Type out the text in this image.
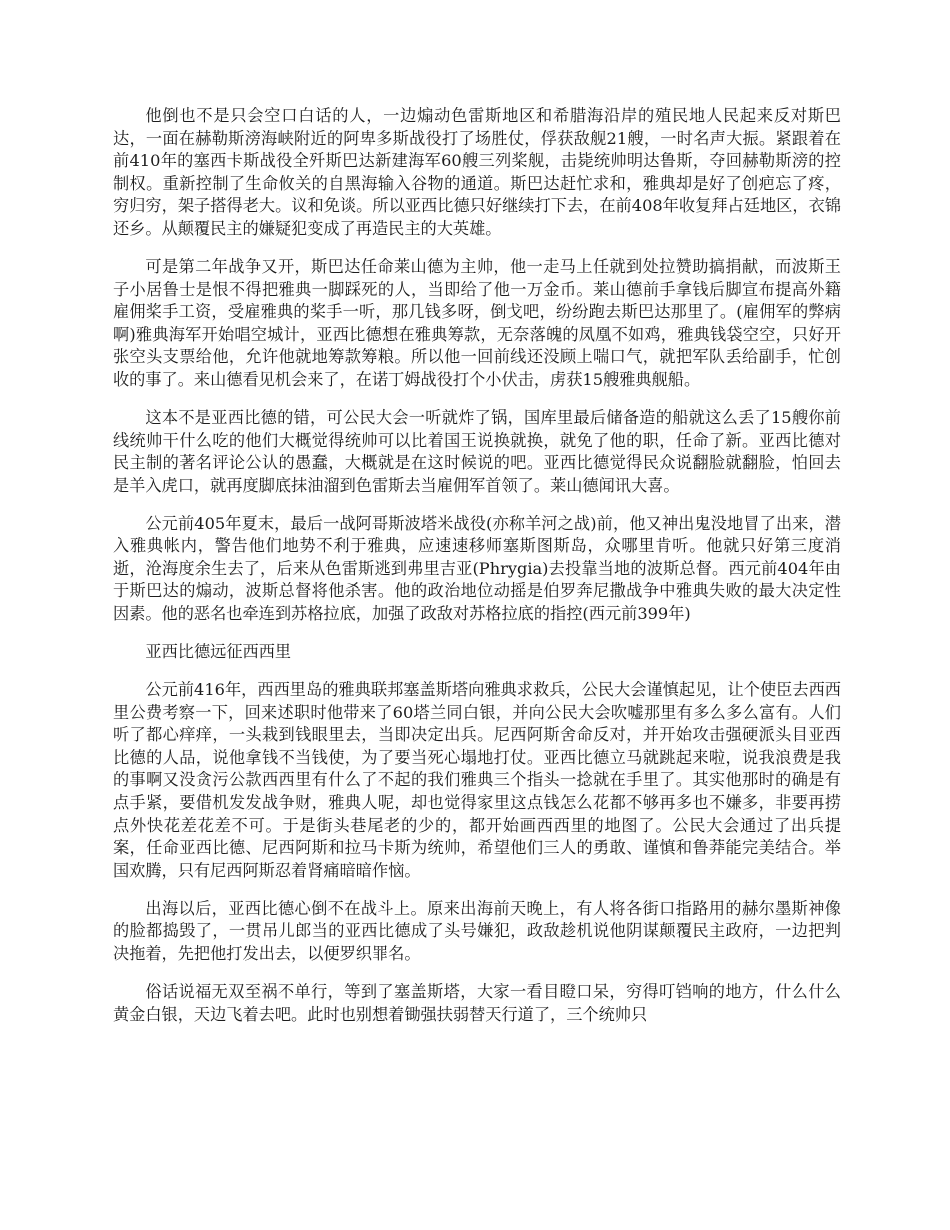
他倒也不是只会空口白话的人，一边煽动色雷斯地区和希腊海沿岸的殖民地人民起来反对斯巴达，一面在赫勒斯滂海峡附近的阿卑多斯战役打了场胜仗，俘获敌舰21艘，一时名声大振。紧跟着在前410年的塞西卡斯战役全歼斯巴达新建海军60艘三列桨舰，击毙统帅明达鲁斯，夺回赫勒斯滂的控制权。重新控制了生命攸关的自黑海输入谷物的通道。斯巴达赶忙求和，雅典却是好了创疤忘了疼，穷归穷，架子搭得老大。议和免谈。所以亚西比德只好继续打下去，在前408年收复拜占廷地区，衣锦还乡。从颠覆民主的嫌疑犯变成了再造民主的大英雄。

可是第二年战争又开，斯巴达任命莱山德为主帅，他一走马上任就到处拉赞助搞捐献，而波斯王子小居鲁士是恨不得把雅典一脚踩死的人，当即给了他一万金币。莱山德前手拿钱后脚宣布提高外籍雇佣桨手工资，受雇雅典的桨手一听，那几钱多呀，倒戈吧，纷纷跑去斯巴达那里了。(雇佣军的弊病啊)雅典海军开始唱空城计，亚西比德想在雅典筹款，无奈落魄的凤凰不如鸡，雅典钱袋空空，只好开张空头支票给他，允许他就地筹款筹粮。所以他一回前线还没顾上喘口气，就把军队丢给副手，忙创收的事了。来山德看见机会来了，在诺丁姆战役打个小伏击，虏获15艘雅典舰船。

这本不是亚西比德的错，可公民大会一听就炸了锅，国库里最后储备造的船就这么丢了15艘你前线统帅干什么吃的他们大概觉得统帅可以比着国王说换就换，就免了他的职，任命了新。亚西比德对民主制的著名评论公认的愚蠢，大概就是在这时候说的吧。亚西比德觉得民众说翻脸就翻脸，怕回去是羊入虎口，就再度脚底抹油溜到色雷斯去当雇佣军首领了。莱山德闻讯大喜。

公元前405年夏末，最后一战阿哥斯波塔米战役(亦称羊河之战)前，他又神出鬼没地冒了出来，潜入雅典帐内，警告他们地势不利于雅典，应速速移师塞斯图斯岛，众哪里肯听。他就只好第三度消逝，沧海度余生去了，后来从色雷斯逃到弗里吉亚(Phrygia)去投靠当地的波斯总督。西元前404年由于斯巴达的煽动，波斯总督将他杀害。他的政治地位动摇是伯罗奔尼撒战争中雅典失败的最大决定性因素。他的恶名也牵连到苏格拉底，加强了政敌对苏格拉底的指控(西元前399年)

亚西比德远征西西里

公元前416年，西西里岛的雅典联邦塞盖斯塔向雅典求救兵，公民大会谨慎起见，让个使臣去西西里公费考察一下，回来述职时他带来了60塔兰同白银，并向公民大会吹嘘那里有多么多么富有。人们听了都心痒痒，一头栽到钱眼里去，当即决定出兵。尼西阿斯舍命反对，并开始攻击强硬派头目亚西比德的人品，说他拿钱不当钱使，为了要当死心塌地打仗。亚西比德立马就跳起来啦，说我浪费是我的事啊又没贪污公款西西里有什么了不起的我们雅典三个指头一捻就在手里了。其实他那时的确是有点手紧，要借机发发战争财，雅典人呢，却也觉得家里这点钱怎么花都不够再多也不嫌多，非要再捞点外快花差花差不可。于是街头巷尾老的少的，都开始画西西里的地图了。公民大会通过了出兵提案，任命亚西比德、尼西阿斯和拉马卡斯为统帅，希望他们三人的勇敢、谨慎和鲁莽能完美结合。举国欢腾，只有尼西阿斯忍着肾痛暗暗作恼。

出海以后，亚西比德心倒不在战斗上。原来出海前天晚上，有人将各街口指路用的赫尔墨斯神像的脸都捣毁了，一贯吊儿郎当的亚西比德成了头号嫌犯，政敌趁机说他阴谋颠覆民主政府，一边把判决拖着，先把他打发出去，以便罗织罪名。

俗话说福无双至祸不单行，等到了塞盖斯塔，大家一看目瞪口呆，穷得叮铛响的地方，什么什么黄金白银，天边飞着去吧。此时也别想着锄强扶弱替天行道了，三个统帅只
